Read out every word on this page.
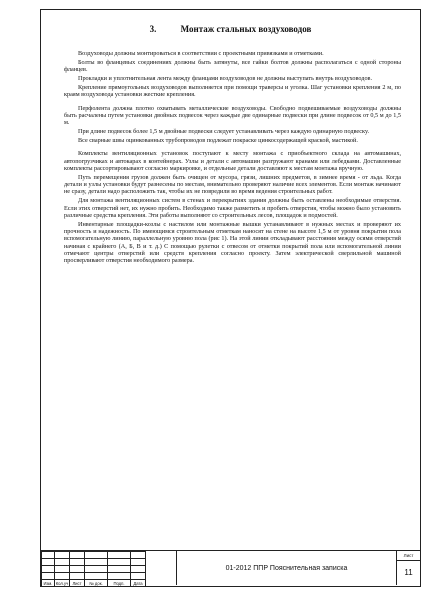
3.	Монтаж стальных воздуховодов

Воздуховоды должны монтироваться в соответствии с проектными привязками и отметками.

Болты во фланцевых соединениях должны быть затянуты, все гайки болтов должны располагаться с одной стороны фланцев.

Прокладки и уплотнительная лента между фланцами воздуховодов не должны выступать внутрь воздуховодов.

Крепление прямоугольных воздуховодов выполняется при помощи траверсы и уголка. Шаг установки крепления 2 м, по краям воздуховода установки жесткие крепления.

Перфолента должна плотно охватывать металлические воздуховоды. Свободно подвешиваемые воздуховоды должны быть расчалены путем установки двойных подвесок через каждые две одинарные подвески при длине подвесок от 0,5 м до 1,5 м.

При длине подвесок более 1,5 м двойные подвески следует устанавливать через каждую одинарную подвеску.

Все сварные швы оцинкованных трубопроводов подлежат покраске цинкосодержащей краской, мастикой.

Комплекты вентиляционных установок поступают к месту монтажа с приобъектного склада на автомашинах, автопогрузчиках и автокарах в контейнерах. Узлы и детали с автомашин разгружают кранами или лебедками. Доставленные комплекты рассортировывают согласно маркировке, и отдельные детали доставляют к местам монтажа вручную.

Путь перемещения грузов должен быть очищен от мусора, грязи, лишних предметов, в зимнее время - от льда. Когда детали и узлы установки будут разнесены по местам, внимательно проверяют наличие всех элементов. Если монтаж начинают не сразу, детали надо расположить так, чтобы их не повредили во время ведения строительных работ.

Для монтажа вентиляционных систем в стенах и перекрытиях здания должны быть оставлены необходимые отверстия. Если этих отверстий нет, их нужно пробить. Необходимо также разметить и пробить отверстия, чтобы можно было установить различные средства крепления. Эти работы выполняют со строительных лесов, площадок и подмостей.

Инвентарные площадки-козлы с настилом или монтажные вышки устанавливают в нужных местах и проверяют их прочность и надежность. По имеющимся строительным отметкам наносят на стене на высоте 1,5 м от уровня покрытия пола вспомогательную линию, параллельную уровню пола (рис 1). На этой линии откладывают расстояния между осями отверстий начиная с крайнего (А, Б, В и т. д.) С помощью рулетки с отвесом от отметки покрытий пола или вспомогательной линии отмечают центры отверстий или средств крепления согласно проекту. Затем электрической сверлильной машиной просверливают отверстия необходимого размера.

Изм.	Кол.уч	Лист	№ док.	Подп.	Дата
01-2012 ППР Пояснительная записка
Лист
11
